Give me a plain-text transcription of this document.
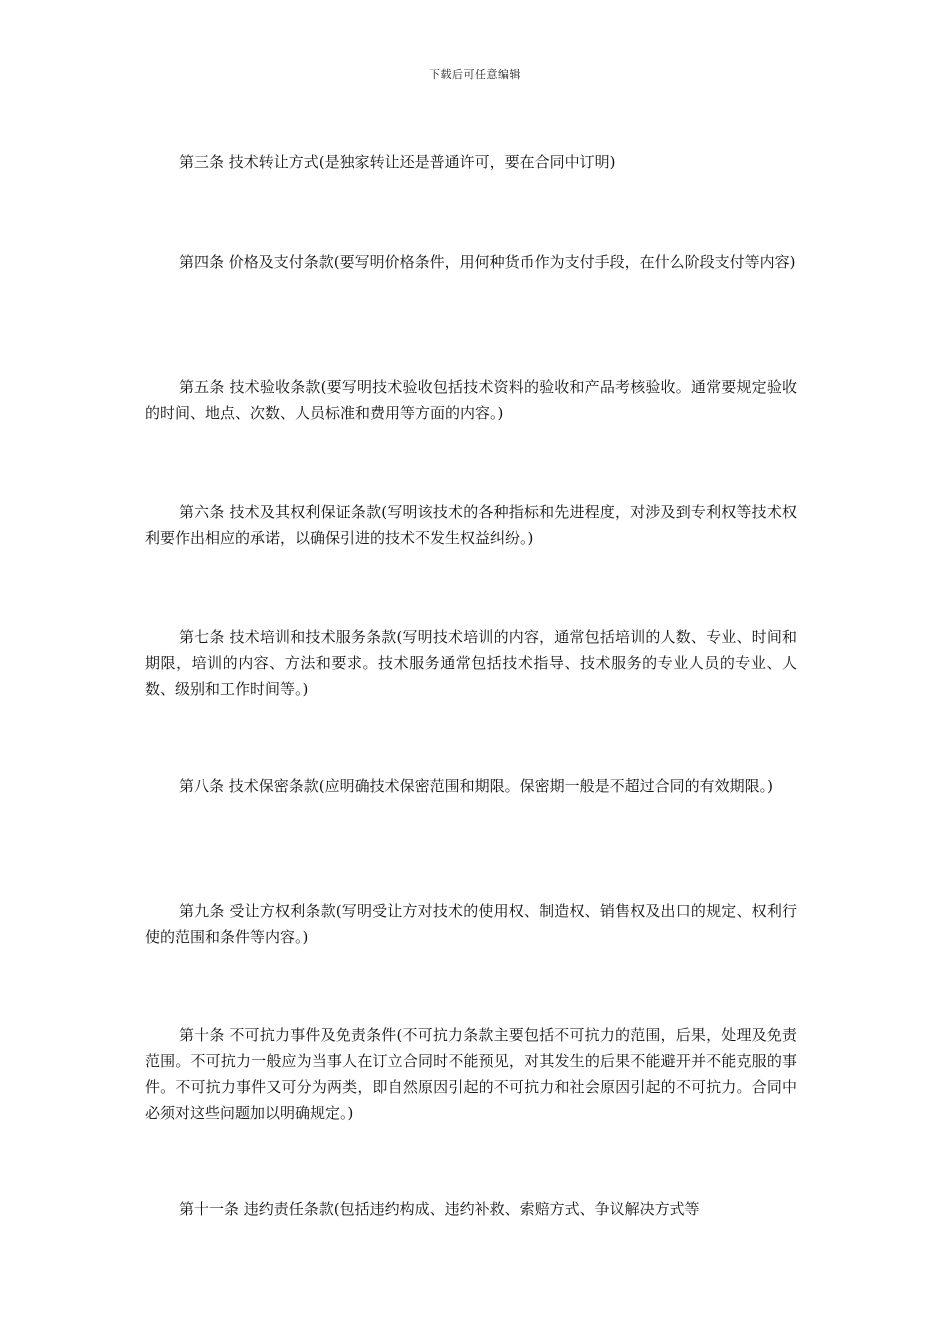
下载后可任意编辑

第三条 技术转让方式(是独家转让还是普通许可，要在合同中订明)

第四条 价格及支付条款(要写明价格条件，用何种货币作为支付手段，在什么阶段支付等内容)

第五条 技术验收条款(要写明技术验收包括技术资料的验收和产品考核验收。通常要规定验收的时间、地点、次数、人员标准和费用等方面的内容。)

第六条 技术及其权利保证条款(写明该技术的各种指标和先进程度，对涉及到专利权等技术权利要作出相应的承诺，以确保引进的技术不发生权益纠纷。)

第七条 技术培训和技术服务条款(写明技术培训的内容，通常包括培训的人数、专业、时间和期限，培训的内容、方法和要求。技术服务通常包括技术指导、技术服务的专业人员的专业、人数、级别和工作时间等。)

第八条 技术保密条款(应明确技术保密范围和期限。保密期一般是不超过合同的有效期限。)

第九条 受让方权利条款(写明受让方对技术的使用权、制造权、销售权及出口的规定、权利行使的范围和条件等内容。)

第十条 不可抗力事件及免责条件(不可抗力条款主要包括不可抗力的范围，后果，处理及免责范围。不可抗力一般应为当事人在订立合同时不能预见，对其发生的后果不能避开并不能克服的事件。不可抗力事件又可分为两类，即自然原因引起的不可抗力和社会原因引起的不可抗力。合同中必须对这些问题加以明确规定。)

第十一条 违约责任条款(包括违约构成、违约补救、索赔方式、争议解决方式等
